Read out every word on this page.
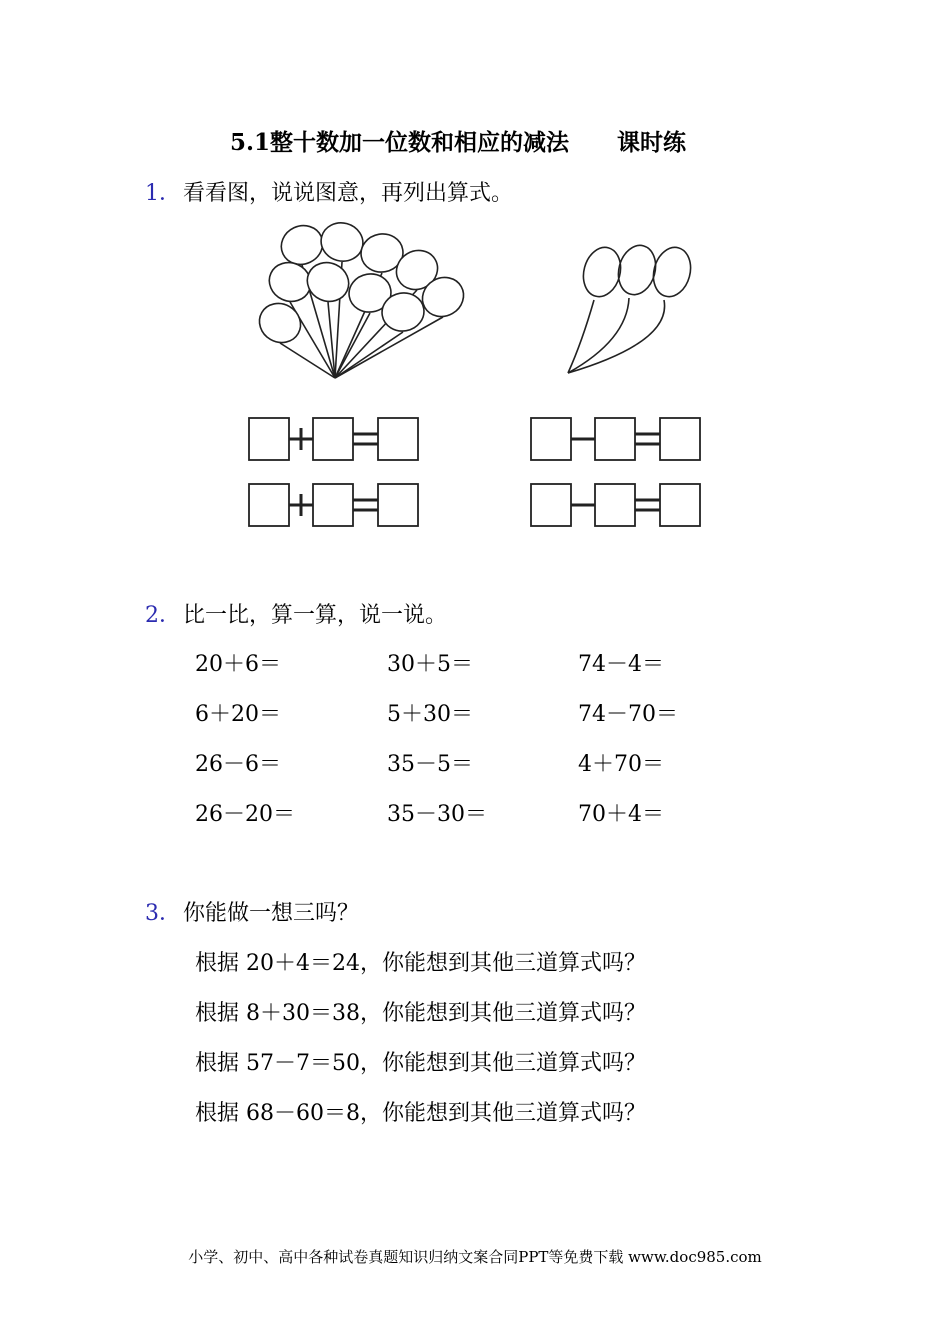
5.1整十数加一位数和相应的减法      课时练
1． 看看图，说说图意，再列出算式。
2． 比一比，算一算，说一说。
20＋6＝	30＋5＝	74－4＝
6＋20＝	5＋30＝	74－70＝
26－6＝	35－5＝	4＋70＝
26－20＝	35－30＝	70＋4＝
3． 你能做一想三吗？
根据 20＋4＝24，你能想到其他三道算式吗？
根据 8＋30＝38，你能想到其他三道算式吗？
根据 57－7＝50，你能想到其他三道算式吗？
根据 68－60＝8，你能想到其他三道算式吗？
小学、初中、高中各种试卷真题知识归纳文案合同PPT等免费下载 www.doc985.com
